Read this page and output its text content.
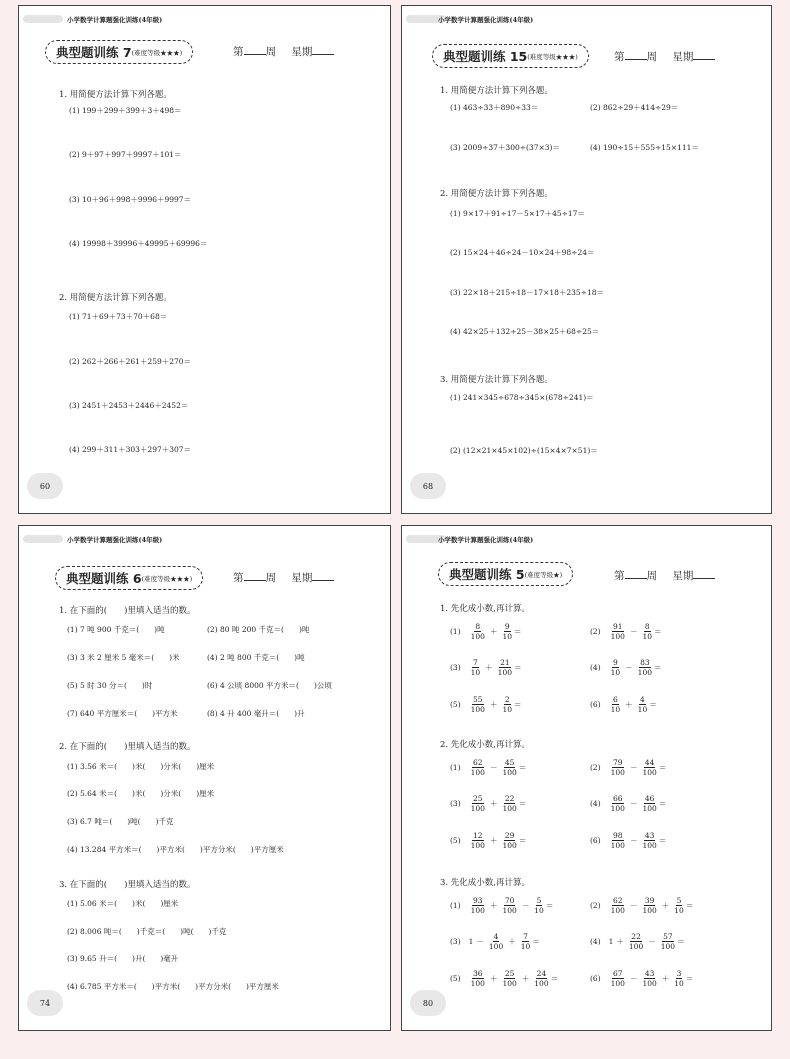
小学数学计算题强化训练(4年级)
典型题训练 7 (难度等级★★★)	第 周 星期
1. 用简便方法计算下列各题。
(1) 199＋299＋399＋3＋498＝
(2) 9＋97＋997＋9997＋101＝
(3) 10＋96＋998＋9996＋9997＝
(4) 19998＋39996＋49995＋69996＝
2. 用简便方法计算下列各题。
(1) 71＋69＋73＋70＋68＝
(2) 262＋266＋261＋259＋270＝
(3) 2451＋2453＋2446＋2452＝
(4) 299＋311＋303＋297＋307＝
60
小学数学计算题强化训练(4年级)
典型题训练 15 (难度等级★★★)	第 周 星期
1. 用简便方法计算下列各题。
(1) 463÷33＋890÷33＝	(2) 862÷29＋414÷29＝
(3) 2009÷37＋300÷(37×3)＝	(4) 190÷15＋555÷15×111＝
2. 用简便方法计算下列各题。
(1) 9×17＋91÷17－5×17＋45÷17＝
(2) 15×24＋46÷24－10×24＋98÷24＝
(3) 22×18＋215÷18－17×18＋235÷18＝
(4) 42×25＋132÷25－38×25＋68÷25＝
3. 用简便方法计算下列各题。
(1) 241×345÷678÷345×(678÷241)＝
(2) (12×21×45×102)÷(15×4×7×51)＝
68
小学数学计算题强化训练(4年级)
典型题训练 6 (难度等级★★★)	第 周 星期
1. 在下面的(　　)里填入适当的数。
(1) 7 吨 900 千克＝(　　)吨	(2) 80 吨 200 千克＝(　　)吨
(3) 3 米 2 厘米 5 毫米＝(　　)米	(4) 2 吨 800 千克＝(　　)吨
(5) 5 时 30 分＝(　　)时	(6) 4 公顷 8000 平方米＝(　　)公顷
(7) 640 平方厘米＝(　　)平方米	(8) 4 升 400 毫升＝(　　)升
2. 在下面的(　　)里填入适当的数。
(1) 3.56 米＝(　　)米(　　)分米(　　)厘米
(2) 5.64 米＝(　　)米(　　)分米(　　)厘米
(3) 6.7 吨＝(　　)吨(　　)千克
(4) 13.284 平方米＝(　　)平方米(　　)平方分米(　　)平方厘米
3. 在下面的(　　)里填入适当的数。
(1) 5.06 米＝(　　)米(　　)厘米
(2) 8.006 吨＝(　　)千克＝(　　)吨(　　)千克
(3) 9.65 升＝(　　)升(　　)毫升
(4) 6.785 平方米＝(　　)平方米(　　)平方分米(　　)平方厘米
74
小学数学计算题强化训练(4年级)
典型题训练 5 (难度等级★)	第 周 星期
1. 先化成小数,再计算。
$(1) \frac{8}{100} + \frac{9}{10}$ ＝	$(2) \frac{91}{100} - \frac{8}{10}$ ＝
$(3) \frac{7}{10} + \frac{21}{100}$ ＝	$(4) \frac{9}{10} - \frac{83}{100}$ ＝
$(5) \frac{55}{100} + \frac{2}{10}$ ＝	$(6) \frac{6}{10} + \frac{4}{10}$ ＝
2. 先化成小数,再计算。
$(1) \frac{62}{100} - \frac{45}{100}$ ＝	$(2) \frac{79}{100} - \frac{44}{100}$ ＝
$(3) \frac{25}{100} + \frac{22}{100}$ ＝	$(4) \frac{66}{100} - \frac{46}{100}$ ＝
$(5) \frac{12}{100} + \frac{29}{100}$ ＝	$(6) \frac{98}{100} - \frac{43}{100}$ ＝
3. 先化成小数,再计算。
$(1) \frac{93}{100} + \frac{70}{100} - \frac{5}{10}$ ＝	$(2) \frac{62}{100} - \frac{39}{100} + \frac{5}{10}$ ＝
(3) $1 - \frac{4}{100} + \frac{7}{10}$ ＝	(4) $1 + \frac{22}{100} - \frac{57}{100}$ ＝
$(5) \frac{36}{100} + \frac{25}{100} + \frac{24}{100}$ ＝	$(6) \frac{67}{100} - \frac{43}{100} + \frac{3}{10}$ ＝
80
